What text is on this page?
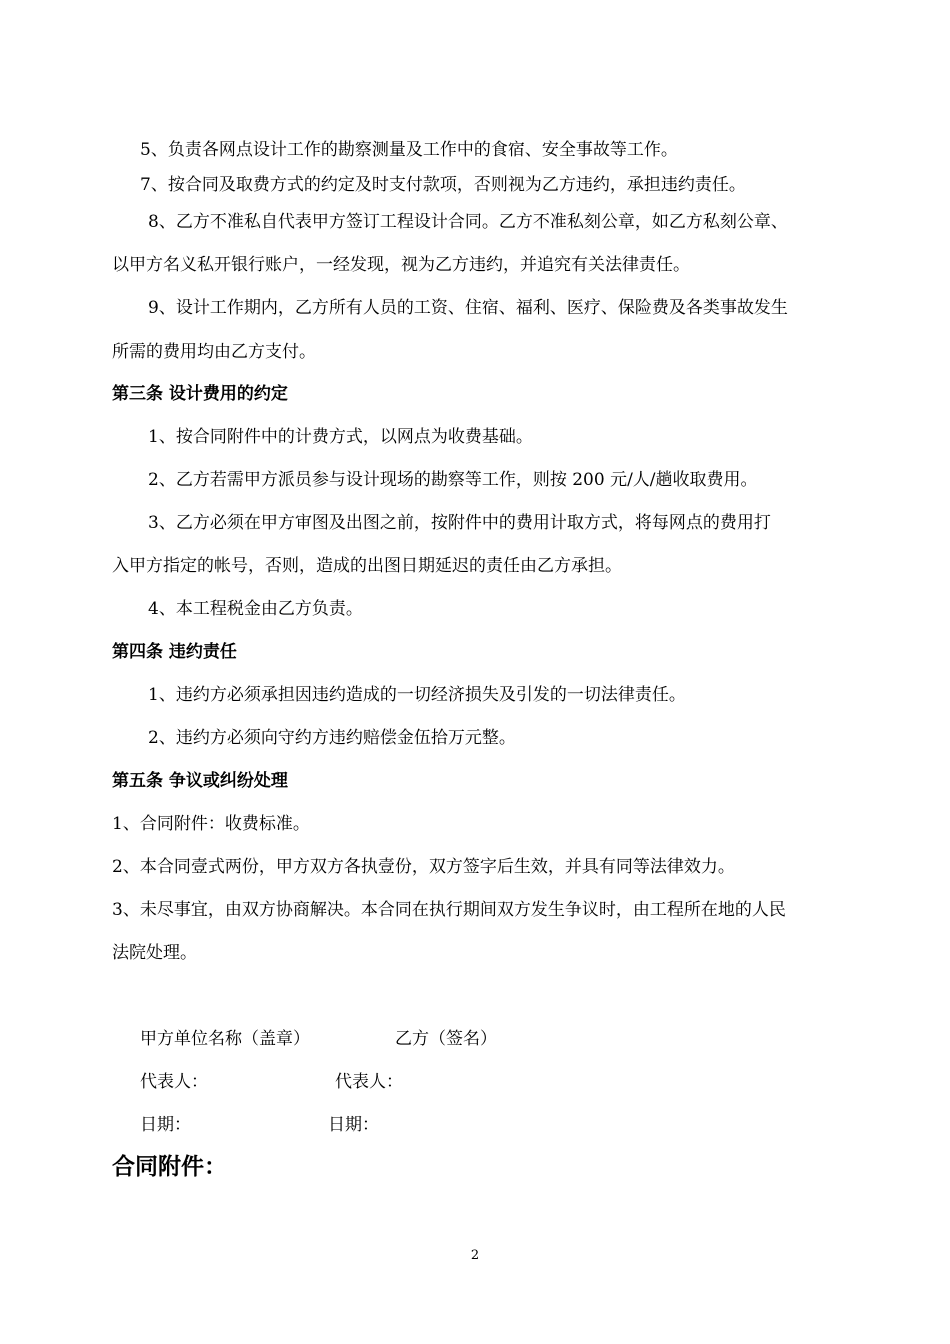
5、负责各网点设计工作的勘察测量及工作中的食宿、安全事故等工作。
7、按合同及取费方式的约定及时支付款项，否则视为乙方违约，承担违约责任。
8、乙方不准私自代表甲方签订工程设计合同。乙方不准私刻公章，如乙方私刻公章、
以甲方名义私开银行账户，一经发现，视为乙方违约，并追究有关法律责任。
9、设计工作期内，乙方所有人员的工资、住宿、福利、医疗、保险费及各类事故发生
所需的费用均由乙方支付。
第三条 设计费用的约定
1、按合同附件中的计费方式，以网点为收费基础。
2、乙方若需甲方派员参与设计现场的勘察等工作，则按 200 元/人/趟收取费用。
3、乙方必须在甲方审图及出图之前，按附件中的费用计取方式，将每网点的费用打
入甲方指定的帐号，否则，造成的出图日期延迟的责任由乙方承担。
4、本工程税金由乙方负责。
第四条 违约责任
1、违约方必须承担因违约造成的一切经济损失及引发的一切法律责任。
2、违约方必须向守约方违约赔偿金伍拾万元整。
第五条 争议或纠纷处理
1、合同附件：收费标准。
2、本合同壹式两份，甲方双方各执壹份，双方签字后生效，并具有同等法律效力。
3、未尽事宜，由双方协商解决。本合同在执行期间双方发生争议时，由工程所在地的人民
法院处理。
甲方单位名称（盖章）	乙方（签名）
代表人：	代表人：
日期：	日期：
合同附件：
2
